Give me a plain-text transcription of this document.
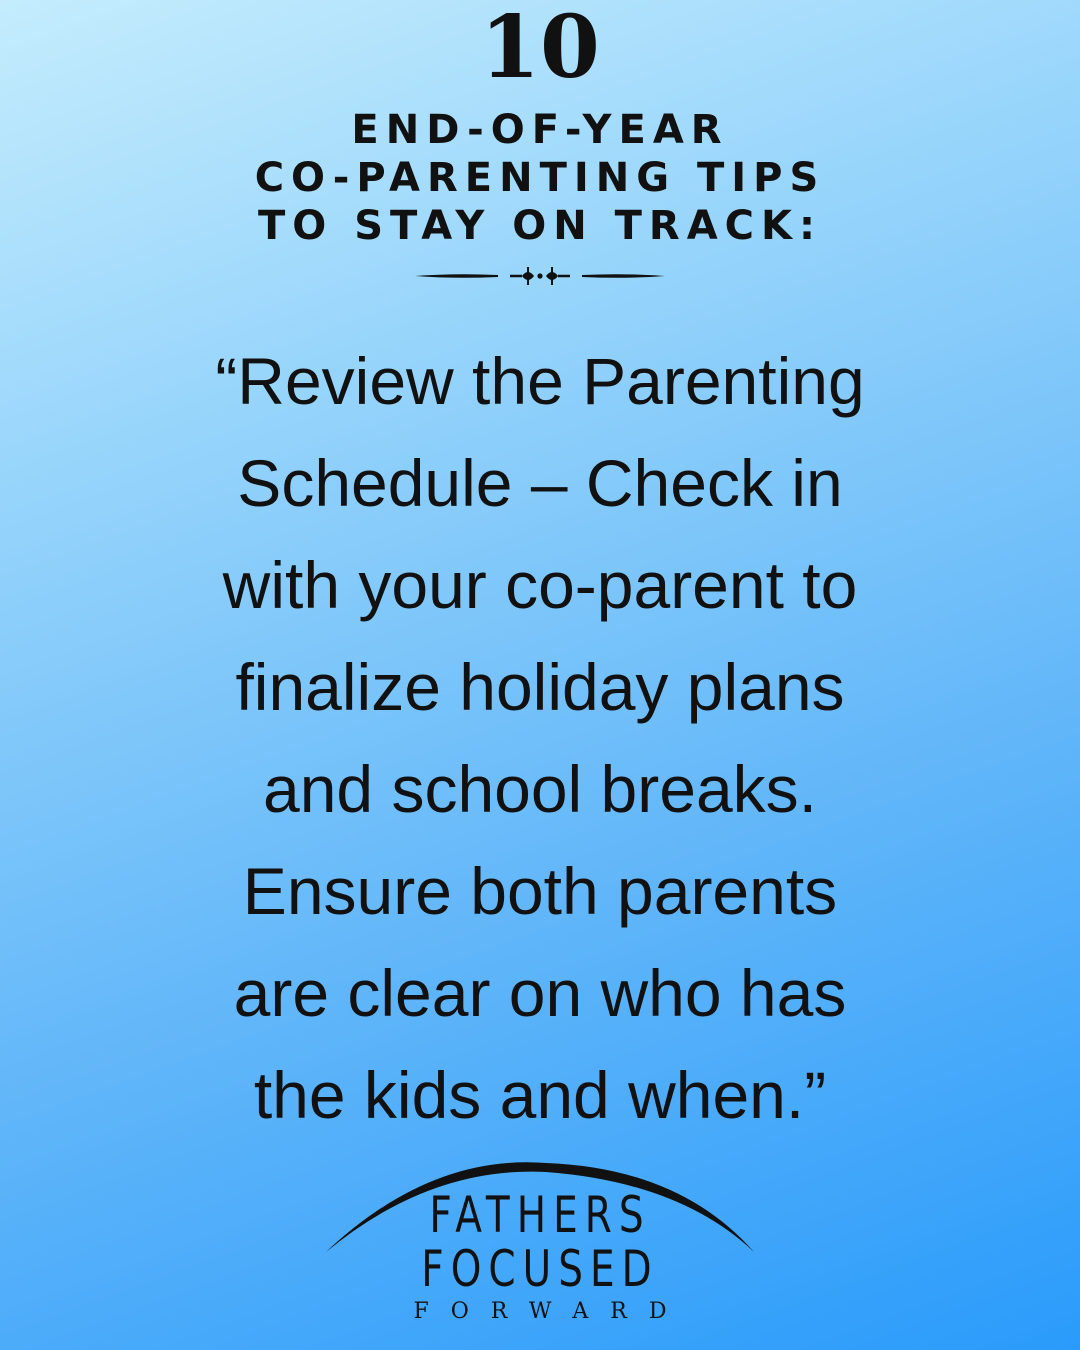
10
END-OF-YEAR
CO-PARENTING TIPS
TO STAY ON TRACK:
“Review the Parenting
Schedule – Check in
with your co-parent to
finalize holiday plans
and school breaks.
Ensure both parents
are clear on who has
the kids and when.”
FATHERS
FOCUSED
FORWARD
